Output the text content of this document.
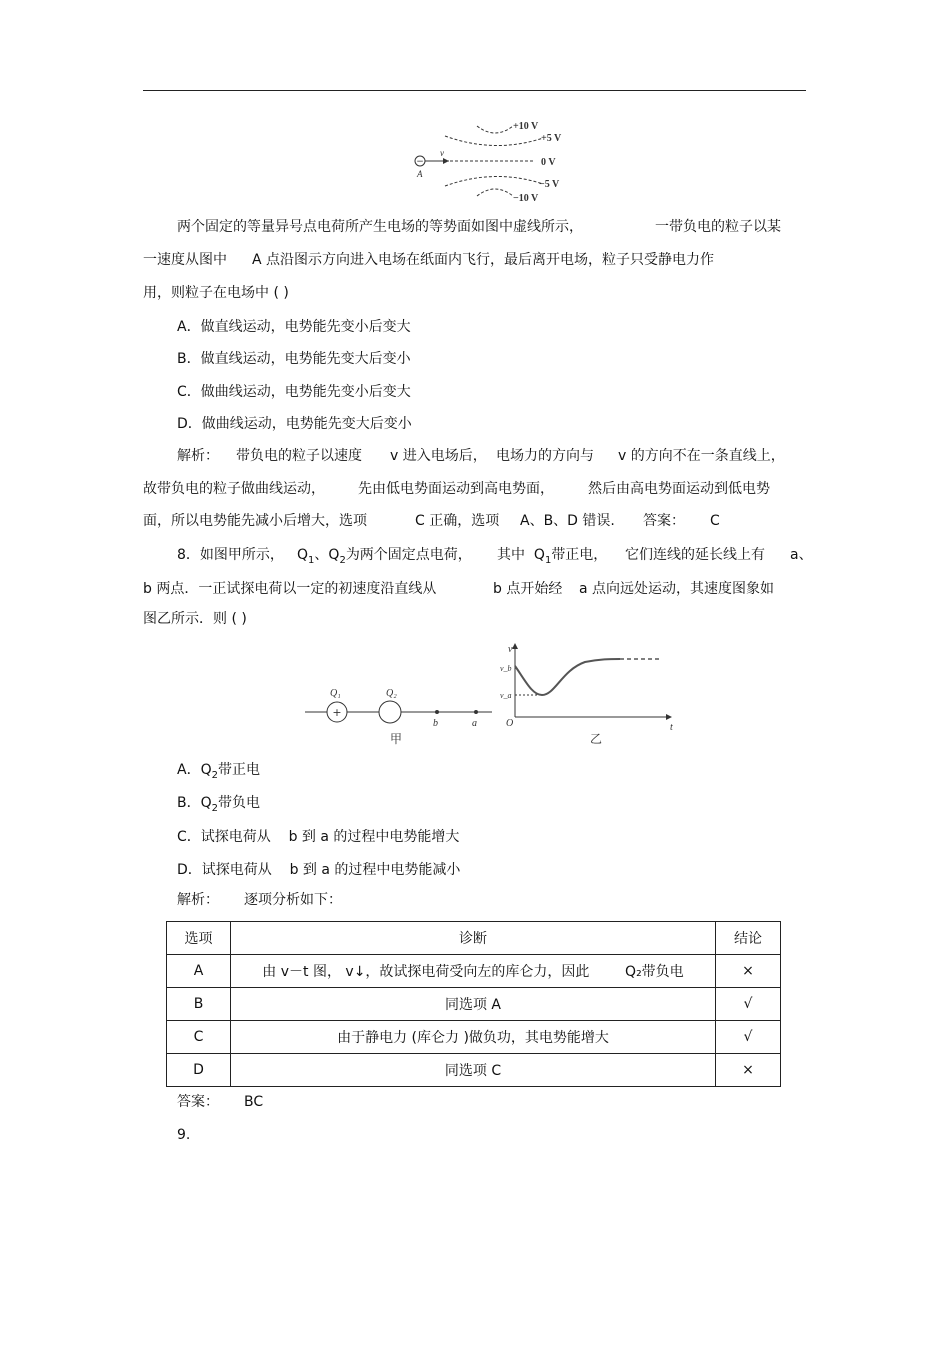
−
v
A
+10 V
+5 V
0 V
−5 V
−10 V
两个固定的等量异号点电荷所产生电场的等势面如图中虚线所示，	一带负电的粒子以某
一速度从图中 A 点沿图示方向进入电场在纸面内飞行，最后离开电场，粒子只受静电力作
用，则粒子在电场中 ( )
A．做直线运动，电势能先变小后变大
B．做直线运动，电势能先变大后变小
C．做曲线运动，电势能先变小后变大
D．做曲线运动，电势能先变大后变小
解析： 带负电的粒子以速度 v 进入电场后， 电场力的方向与 v 的方向不在一条直线上，
故带负电的粒子做曲线运动， 先由低电势面运动到高电势面， 然后由高电势面运动到低电势
面，所以电势能先减小后增大，选项	C 正确，选项 A、B、D 错误. 答案： C
8．如图甲所示， $Q_1$、$Q_2$为两个固定点电荷， 其中 $Q_1$带正电， 它们连线的延长线上有 a、
b 两点．一正试探电荷以一定的初速度沿直线从	b 点开始经 a 点向远处运动，其速度图象如
图乙所示．则 ( )
+
Q₁	Q₂
b	a
甲
v
t
O
v_b
v_a
乙
A．$Q_2$带正电
B．$Q_2$带负电
C．试探电荷从 b 到 a 的过程中电势能增大
D．试探电荷从 b 到 a 的过程中电势能减小
解析： 逐项分析如下：
选项	诊断	结论
A	由 v－t 图， v↓，故试探电荷受向左的库仑力，因此 Q₂带负电	×
B	同选项 A	√
C	由于静电力 (库仑力 )做负功，其电势能增大	√
D	同选项 C	×
答案： BC
9.
